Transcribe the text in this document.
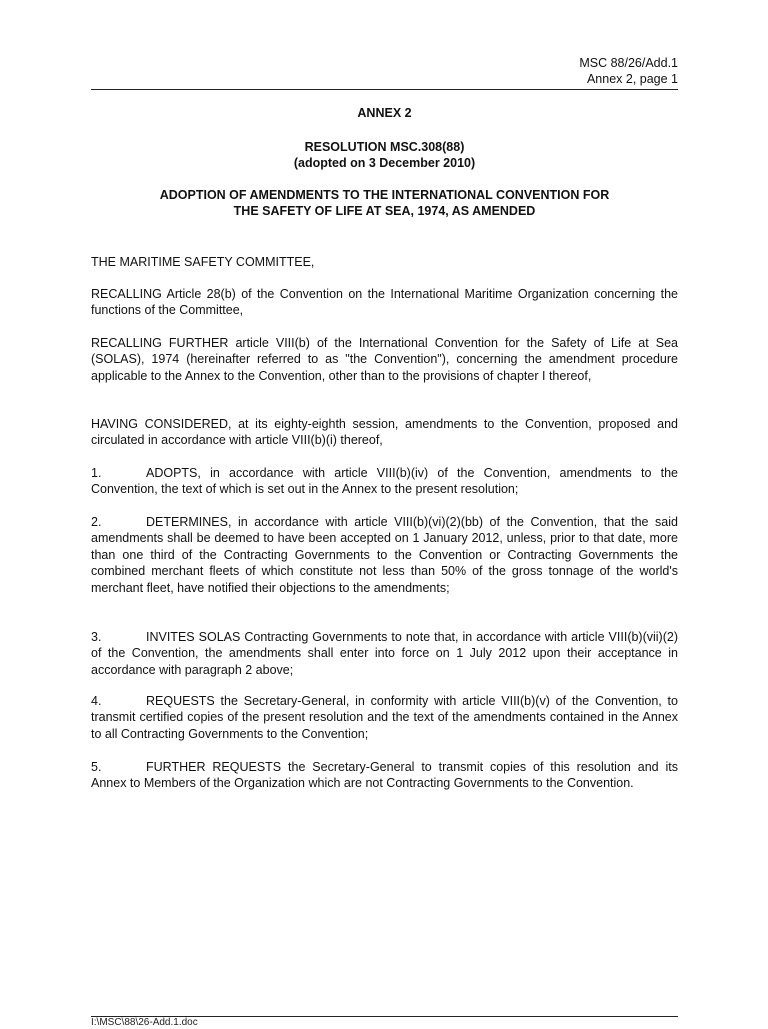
MSC 88/26/Add.1
Annex 2, page 1
ANNEX 2
RESOLUTION MSC.308(88)
(adopted on 3 December 2010)
ADOPTION OF AMENDMENTS TO THE INTERNATIONAL CONVENTION FOR
THE SAFETY OF LIFE AT SEA, 1974, AS AMENDED

THE MARITIME SAFETY COMMITTEE,

RECALLING Article 28(b) of the Convention on the International Maritime Organization concerning the functions of the Committee,

RECALLING FURTHER article VIII(b) of the International Convention for the Safety of Life at Sea (SOLAS), 1974 (hereinafter referred to as "the Convention"), concerning the amendment procedure applicable to the Annex to the Convention, other than to the provisions of chapter I thereof,

HAVING CONSIDERED, at its eighty-eighth session, amendments to the Convention, proposed and circulated in accordance with article VIII(b)(i) thereof,

1.	ADOPTS, in accordance with article VIII(b)(iv) of the Convention, amendments to the Convention, the text of which is set out in the Annex to the present resolution;

2.	DETERMINES, in accordance with article VIII(b)(vi)(2)(bb) of the Convention, that the said amendments shall be deemed to have been accepted on 1 January 2012, unless, prior to that date, more than one third of the Contracting Governments to the Convention or Contracting Governments the combined merchant fleets of which constitute not less than 50% of the gross tonnage of the world's merchant fleet, have notified their objections to the amendments;

3.	INVITES SOLAS Contracting Governments to note that, in accordance with article VIII(b)(vii)(2) of the Convention, the amendments shall enter into force on 1 July 2012 upon their acceptance in accordance with paragraph 2 above;

4.	REQUESTS the Secretary-General, in conformity with article VIII(b)(v) of the Convention, to transmit certified copies of the present resolution and the text of the amendments contained in the Annex to all Contracting Governments to the Convention;

5.	FURTHER REQUESTS the Secretary-General to transmit copies of this resolution and its Annex to Members of the Organization which are not Contracting Governments to the Convention.

I:\MSC\88\26-Add.1.doc
